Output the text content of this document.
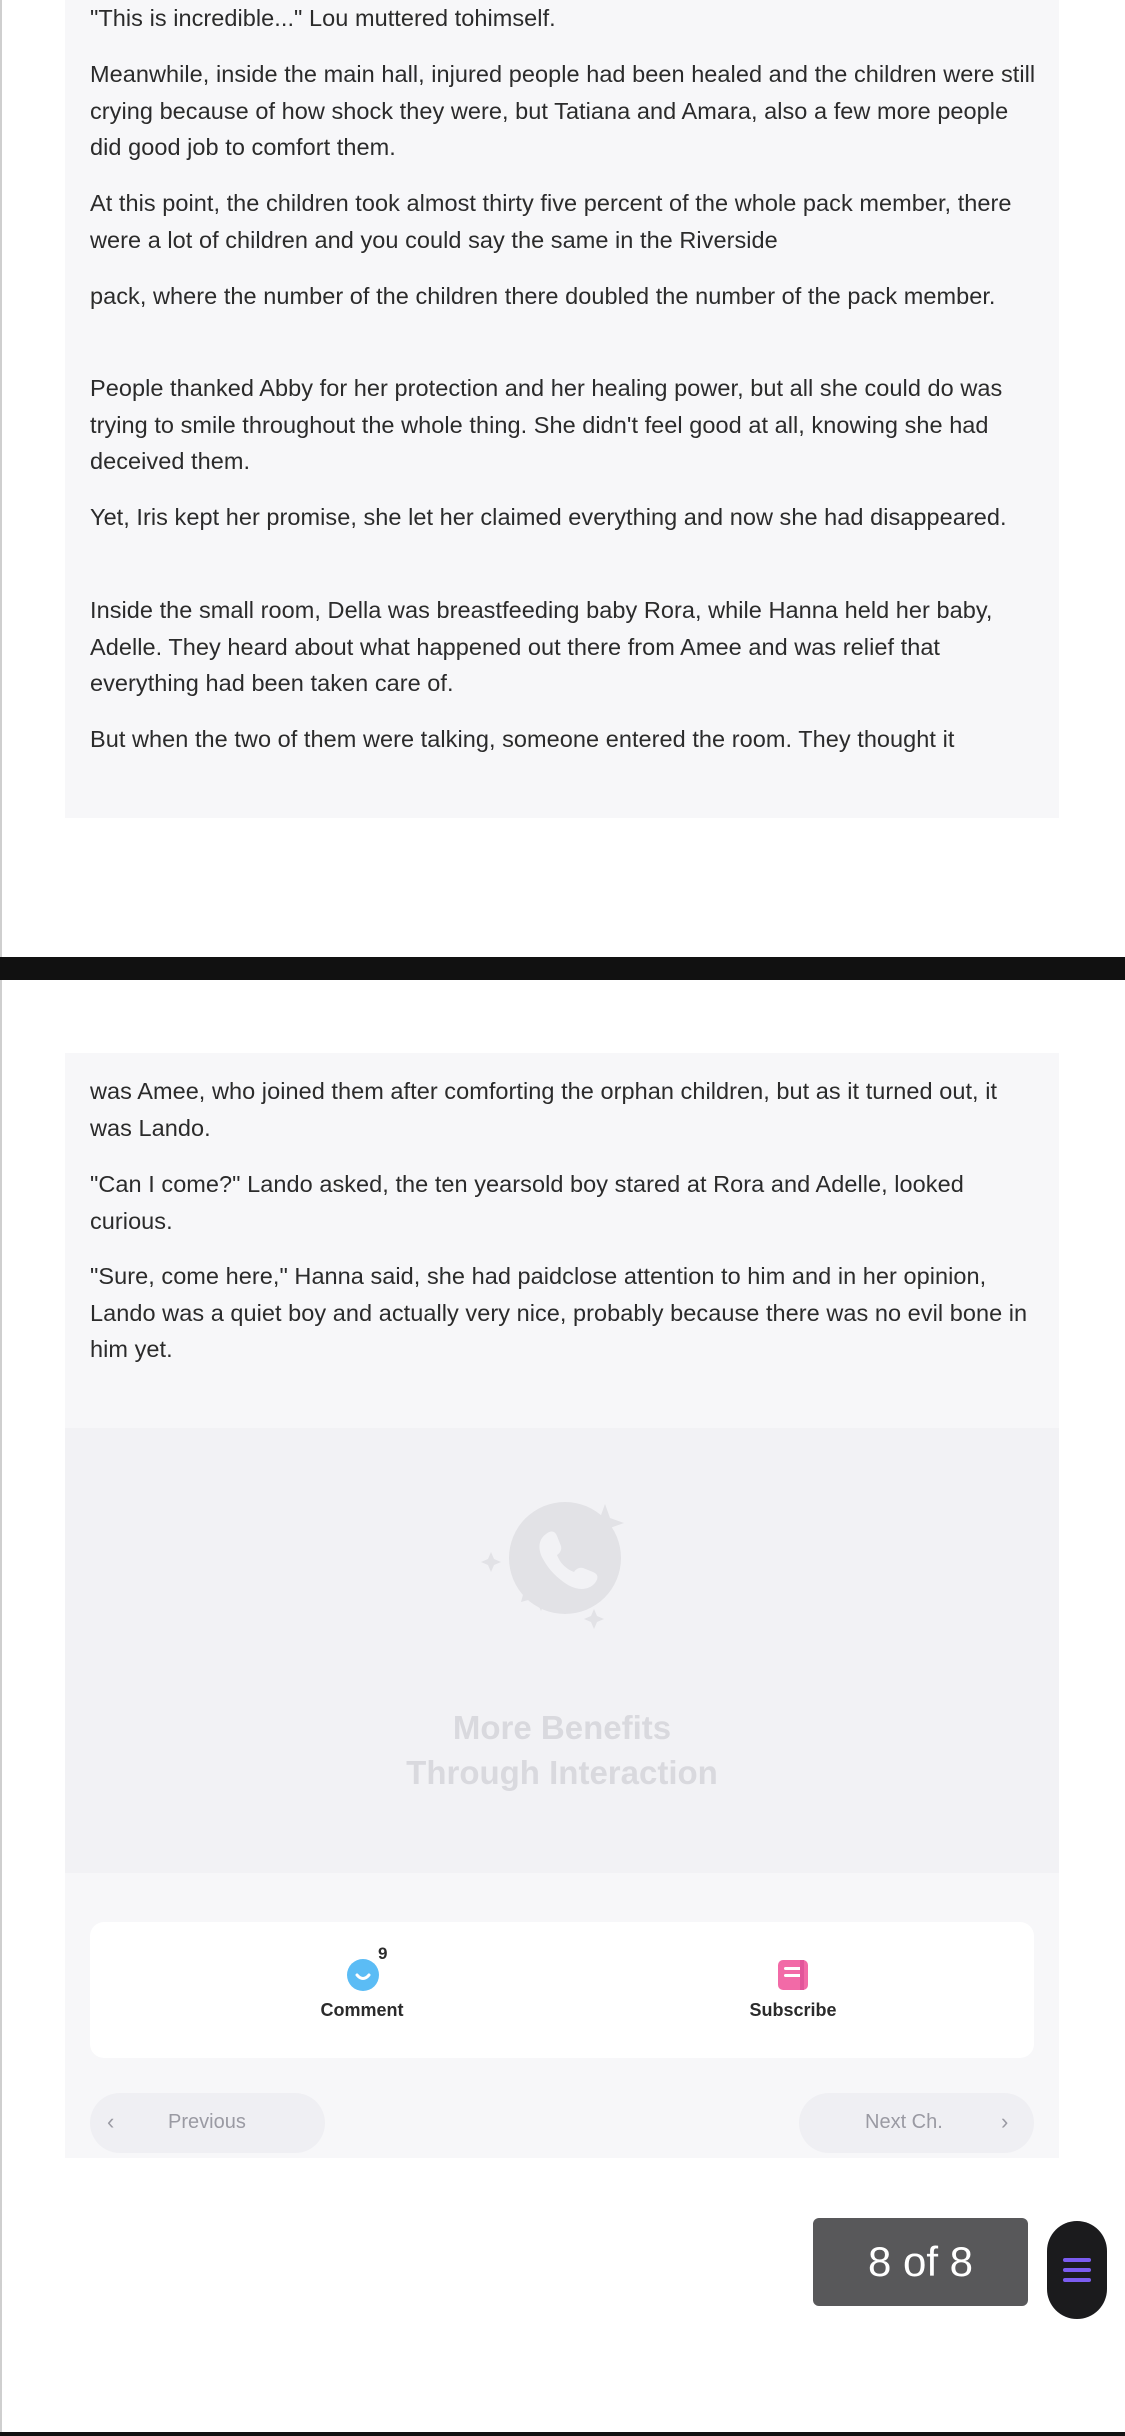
"This is incredible..." Lou muttered tohimself.

Meanwhile, inside the main hall, injured people had been healed and the children were still crying because of how shock they were, but Tatiana and Amara, also a few more people did good job to comfort them.

At this point, the children took almost thirty five percent of the whole pack member, there were a lot of children and you could say the same in the Riverside

pack, where the number of the children there doubled the number of the pack member.

People thanked Abby for her protection and her healing power, but all she could do was trying to smile throughout the whole thing. She didn't feel good at all, knowing she had deceived them.

Yet, Iris kept her promise, she let her claimed everything and now she had disappeared.

Inside the small room, Della was breastfeeding baby Rora, while Hanna held her baby, Adelle. They heard about what happened out there from Amee and was relief that everything had been taken care of.

But when the two of them were talking, someone entered the room. They thought it

was Amee, who joined them after comforting the orphan children, but as it turned out, it was Lando.

"Can I come?" Lando asked, the ten yearsold boy stared at Rora and Adelle, looked curious.

"Sure, come here," Hanna said, she had paidclose attention to him and in her opinion, Lando was a quiet boy and actually very nice, probably because there was no evil bone in him yet.

More Benefits
Through Interaction
9
Comment	Subscribe
‹	Previous	Next Ch.	›
8 of 8
